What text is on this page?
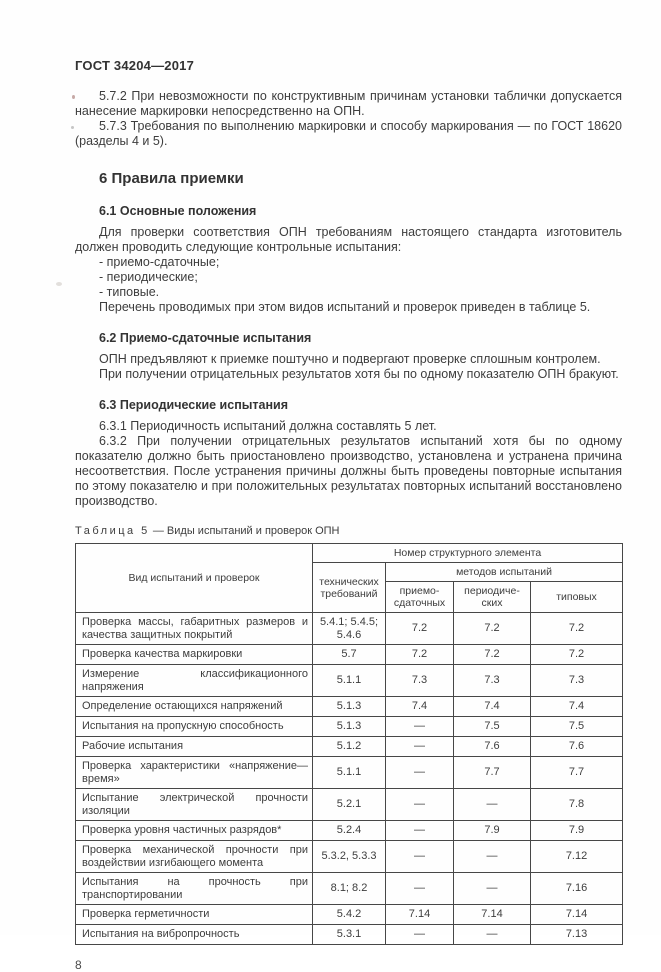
ГОСТ 34204—2017

5.7.2 При невозможности по конструктивным причинам установки таблички допускается нанесение маркировки непосредственно на ОПН.

5.7.3 Требования по выполнению маркировки и способу маркирования — по ГОСТ 18620 (разделы 4 и 5).

6 Правила приемки
6.1 Основные положения

Для проверки соответствия ОПН требованиям настоящего стандарта изготовитель должен проводить следующие контрольные испытания:

- приемо-сдаточные;

- периодические;

- типовые.

Перечень проводимых при этом видов испытаний и проверок приведен в таблице 5.

6.2 Приемо-сдаточные испытания

ОПН предъявляют к приемке поштучно и подвергают проверке сплошным контролем.

При получении отрицательных результатов хотя бы по одному показателю ОПН бракуют.

6.3 Периодические испытания

6.3.1 Периодичность испытаний должна составлять 5 лет.

6.3.2 При получении отрицательных результатов испытаний хотя бы по одному показателю должно быть приостановлено производство, установлена и устранена причина несоответствия. После устранения причины должны быть проведены повторные испытания по этому показателю и при положительных результатах повторных испытаний восстановлено производство.

Таблица 5 — Виды испытаний и проверок ОПН
Вид испытаний и проверок	Номер структурного элемента			
	технических требований	методов испытаний		
		приемо-сдаточных	периодических	типовых
Проверка массы, габаритных размеров и качества защитных покрытий	5.4.1; 5.4.5; 5.4.6	7.2	7.2	7.2
Проверка качества маркировки	5.7	7.2	7.2	7.2
Измерение классификационного напряжения	5.1.1	7.3	7.3	7.3
Определение остающихся напряжений	5.1.3	7.4	7.4	7.4
Испытания на пропускную способность	5.1.3	—	7.5	7.5
Рабочие испытания	5.1.2	—	7.6	7.6
Проверка характеристики «напряжение—время»	5.1.1	—	7.7	7.7
Испытание электрической прочности изоляции	5.2.1	—	—	7.8
Проверка уровня частичных разрядов*	5.2.4	—	7.9	7.9
Проверка механической прочности при воздействии изгибающего момента	5.3.2, 5.3.3	—	—	7.12
Испытания на прочность при транспортировании	8.1; 8.2	—	—	7.16
Проверка герметичности	5.4.2	7.14	7.14	7.14
Испытания на вибропрочность	5.3.1	—	—	7.13
8
